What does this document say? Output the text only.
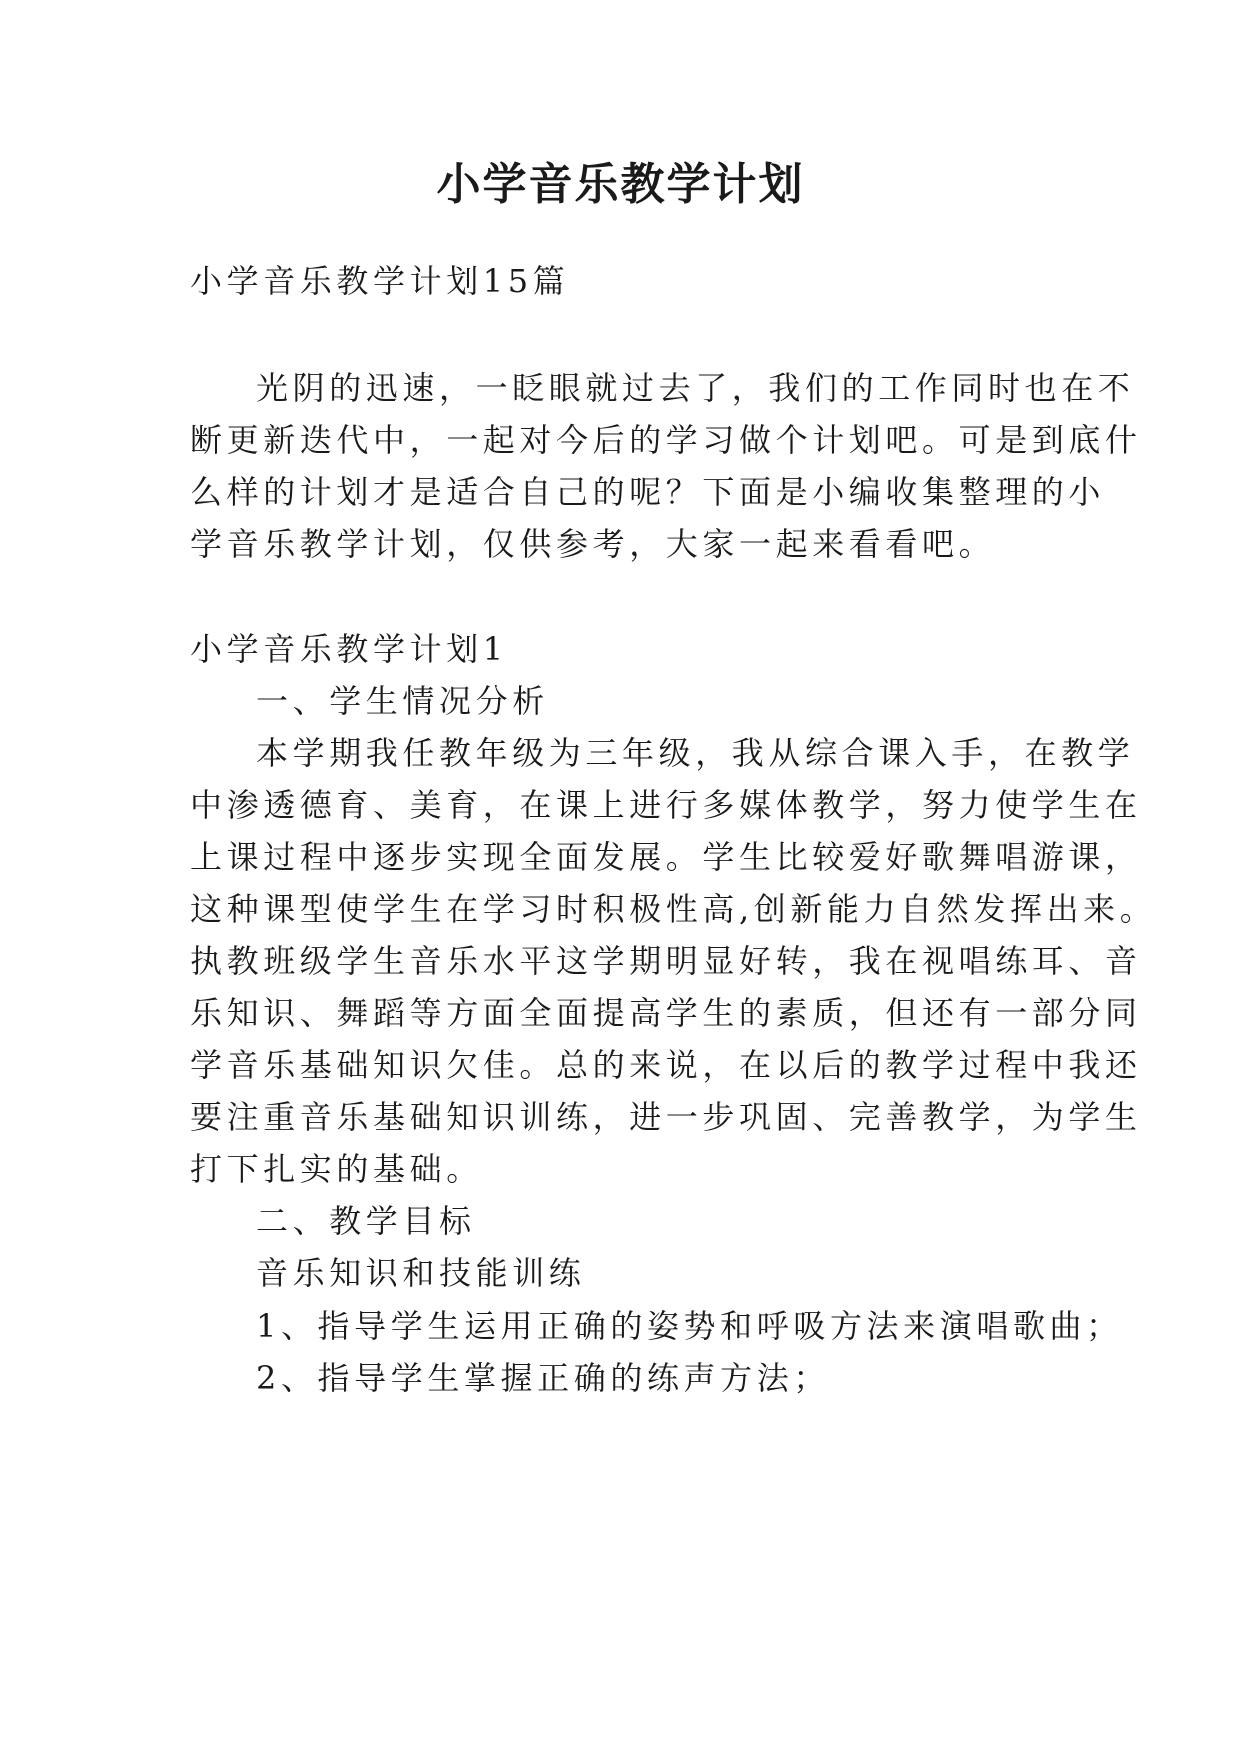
小学音乐教学计划

小学音乐教学计划15篇

光阴的迅速，一眨眼就过去了，我们的工作同时也在不

断更新迭代中，一起对今后的学习做个计划吧。可是到底什

么样的计划才是适合自己的呢？下面是小编收集整理的小

学音乐教学计划，仅供参考，大家一起来看看吧。

小学音乐教学计划1

一、学生情况分析

本学期我任教年级为三年级，我从综合课入手，在教学

中渗透德育、美育，在课上进行多媒体教学，努力使学生在

上课过程中逐步实现全面发展。学生比较爱好歌舞唱游课，

这种课型使学生在学习时积极性高,创新能力自然发挥出来。

执教班级学生音乐水平这学期明显好转，我在视唱练耳、音

乐知识、舞蹈等方面全面提高学生的素质，但还有一部分同

学音乐基础知识欠佳。总的来说，在以后的教学过程中我还

要注重音乐基础知识训练，进一步巩固、完善教学，为学生

打下扎实的基础。

二、教学目标

音乐知识和技能训练

1、指导学生运用正确的姿势和呼吸方法来演唱歌曲；

2、指导学生掌握正确的练声方法；
